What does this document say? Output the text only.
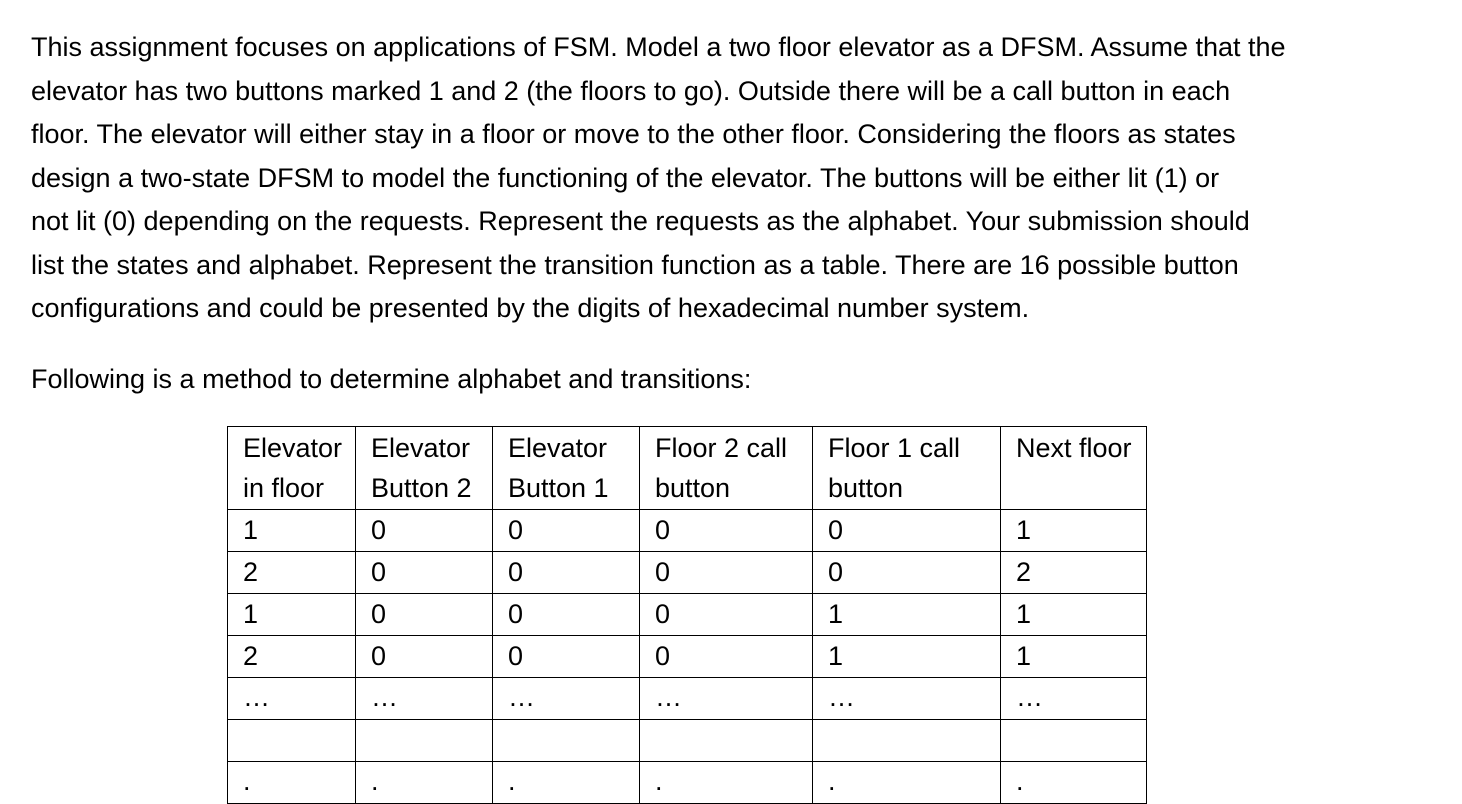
This assignment focuses on applications of FSM. Model a two floor elevator as a DFSM. Assume that the
elevator has two buttons marked 1 and 2 (the floors to go). Outside there will be a call button in each
floor. The elevator will either stay in a floor or move to the other floor. Considering the floors as states
design a two-state DFSM to model the functioning of the elevator. The buttons will be either lit (1) or
not lit (0) depending on the requests. Represent the requests as the alphabet. Your submission should
list the states and alphabet. Represent the transition function as a table. There are 16 possible button
configurations and could be presented by the digits of hexadecimal number system.

Following is a method to determine alphabet and transitions:

Elevator in floor	Elevator Button 2	Elevator Button 1	Floor 2 call button	Floor 1 call button	Next floor
1	0	0	0	0	1
2	0	0	0	0	2
1	0	0	0	1	1
2	0	0	0	1	1
…	…	…	…	…	…

.	.	.	.	.	.
